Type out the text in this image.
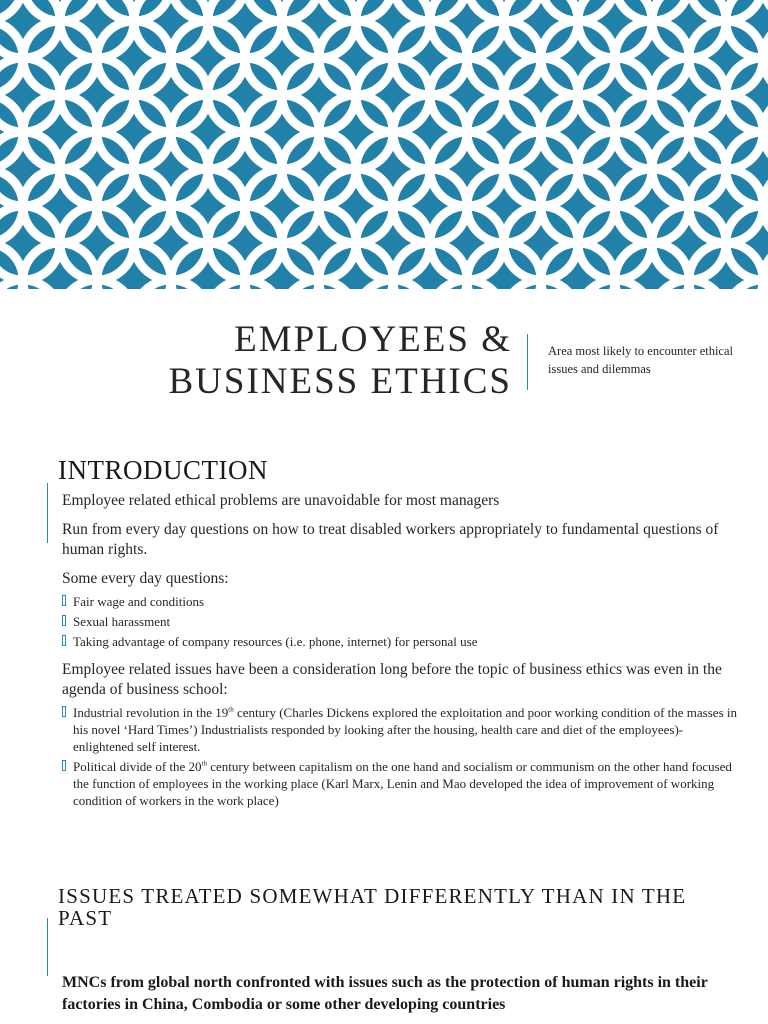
EMPLOYEES &
BUSINESS ETHICS
Area most likely to encounter ethical issues and dilemmas
INTRODUCTION

Employee related ethical problems are unavoidable for most managers

Run from every day questions on how to treat disabled workers appropriately to fundamental questions of human rights.

Some every day questions:

Fair wage and conditions
Sexual harassment
Taking advantage of company resources (i.e. phone, internet) for personal use

Employee related issues have been a consideration long before the topic of business ethics was even in the agenda of business school:

Industrial revolution in the 19th century (Charles Dickens explored the exploitation and poor working condition of the masses in his novel ‘Hard Times’) Industrialists responded by looking after the housing, health care and diet of the employees)- enlightened self interest.
Political divide of the 20th century between capitalism on the one hand and socialism or communism on the other hand focused the function of employees in the working place (Karl Marx, Lenin and Mao developed the idea of improvement of working condition of workers in the work place)
ISSUES TREATED SOMEWHAT DIFFERENTLY THAN IN THE PAST
MNCs from global north confronted with issues such as the protection of human rights in their factories in China, Combodia or some other developing countries
